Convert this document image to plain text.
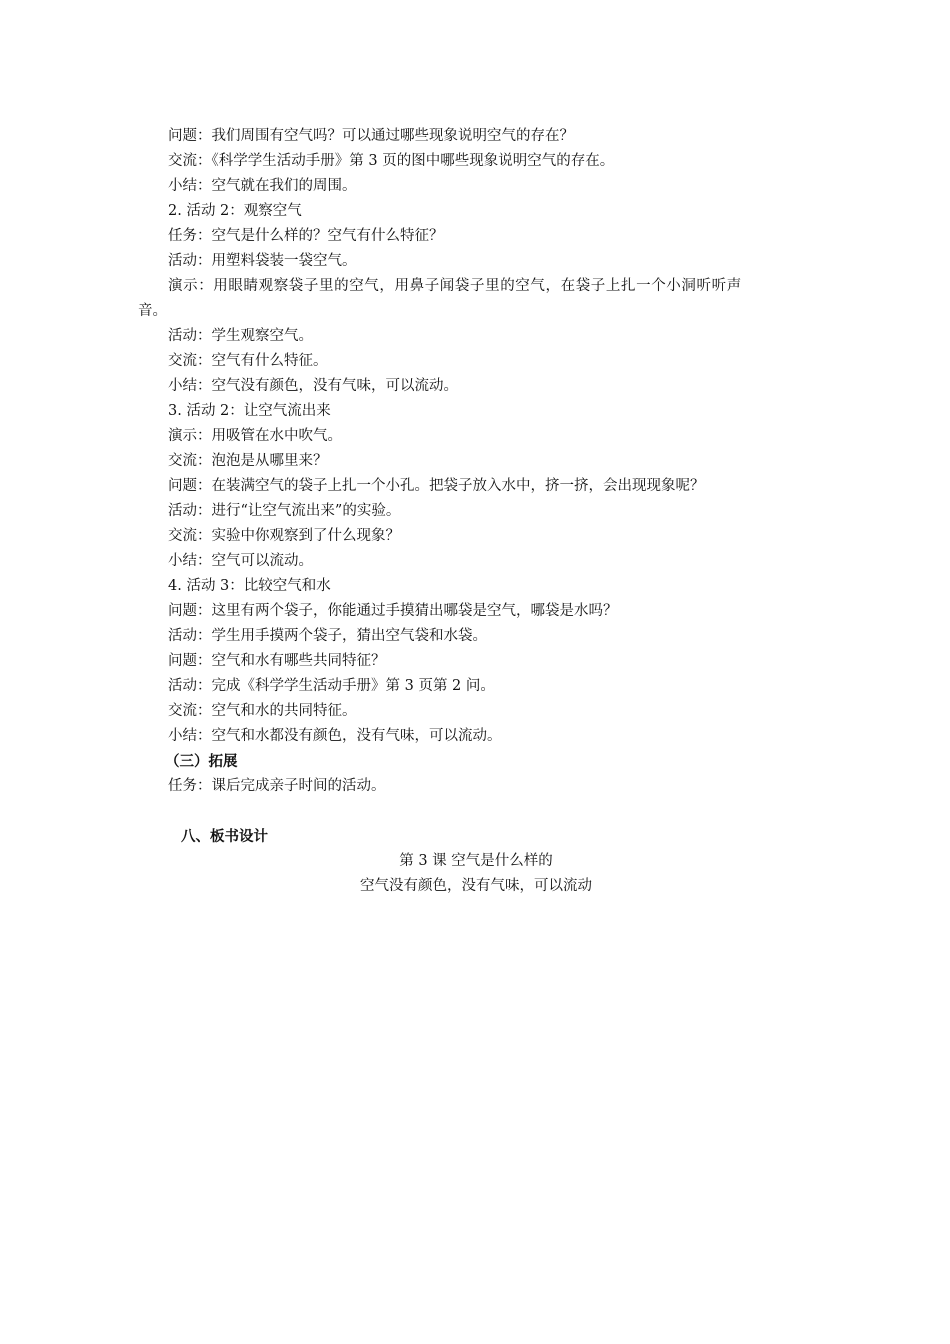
问题：我们周围有空气吗？可以通过哪些现象说明空气的存在？
交流：《科学学生活动手册》第 3 页的图中哪些现象说明空气的存在。
小结：空气就在我们的周围。
2. 活动 2：观察空气
任务：空气是什么样的？空气有什么特征？
活动：用塑料袋装一袋空气。
演示：用眼睛观察袋子里的空气，用鼻子闻袋子里的空气，在袋子上扎一个小洞听听声
音。
活动：学生观察空气。
交流：空气有什么特征。
小结：空气没有颜色，没有气味，可以流动。
3. 活动 2：让空气流出来
演示：用吸管在水中吹气。
交流：泡泡是从哪里来？
问题：在装满空气的袋子上扎一个小孔。把袋子放入水中，挤一挤，会出现现象呢？
活动：进行“让空气流出来”的实验。
交流：实验中你观察到了什么现象？
小结：空气可以流动。
4. 活动 3：比较空气和水
问题：这里有两个袋子，你能通过手摸猜出哪袋是空气，哪袋是水吗？
活动：学生用手摸两个袋子，猜出空气袋和水袋。
问题：空气和水有哪些共同特征？
活动：完成《科学学生活动手册》第 3 页第 2 问。
交流：空气和水的共同特征。
小结：空气和水都没有颜色，没有气味，可以流动。
（三）拓展
任务：课后完成亲子时间的活动。
八、板书设计
第 3 课 空气是什么样的
空气没有颜色，没有气味，可以流动
